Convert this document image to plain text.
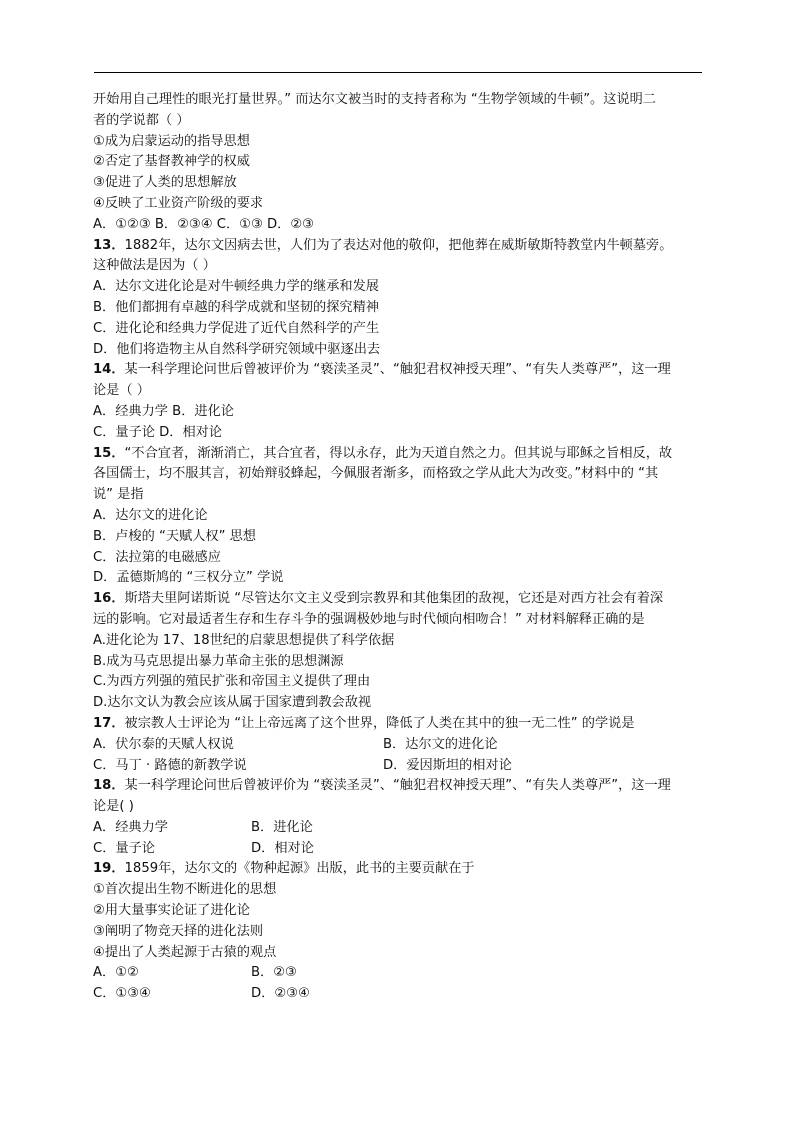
开始用自己理性的眼光打量世界。” 而达尔文被当时的支持者称为 “生物学领域的牛顿”。这说明二
者的学说都（ ）
①成为启蒙运动的指导思想
②否定了基督教神学的权威
③促进了人类的思想解放
④反映了工业资产阶级的要求
A．①②③ B．②③④ C．①③ D．②③
13．1882年，达尔文因病去世，人们为了表达对他的敬仰，把他葬在威斯敏斯特教堂内牛顿墓旁。
这种做法是因为（ ）
A．达尔文进化论是对牛顿经典力学的继承和发展
B．他们都拥有卓越的科学成就和坚韧的探究精神
C．进化论和经典力学促进了近代自然科学的产生
D．他们将造物主从自然科学研究领域中驱逐出去
14．某一科学理论问世后曾被评价为 “亵渎圣灵”、“触犯君权神授天理”、“有失人类尊严”，这一理
论是（ ）
A．经典力学 B．进化论
C．量子论 D．相对论
15．“不合宜者，渐渐消亡，其合宜者，得以永存，此为天道自然之力。但其说与耶稣之旨相反，故
各国儒士，均不服其言，初始辩驳蜂起，今佩服者渐多，而格致之学从此大为改变。”材料中的 “其
说” 是指
A．达尔文的进化论
B．卢梭的 “天赋人权” 思想
C．法拉第的电磁感应
D．孟德斯鸠的 “三权分立” 学说
16．斯塔夫里阿诺斯说 “尽管达尔文主义受到宗教界和其他集团的敌视，它还是对西方社会有着深
远的影响。它对最适者生存和生存斗争的强调极妙地与时代倾向相吻合！” 对材料解释正确的是
A.进化论为 17、18世纪的启蒙思想提供了科学依据
B.成为马克思提出暴力革命主张的思想渊源
C.为西方列强的殖民扩张和帝国主义提供了理由
D.达尔文认为教会应该从属于国家遭到教会敌视
17．被宗教人士评论为 “让上帝远离了这个世界，降低了人类在其中的独一无二性” 的学说是
A．伏尔泰的天赋人权说	B．达尔文的进化论
C．马丁 · 路德的新教学说	D．爱因斯坦的相对论
18．某一科学理论问世后曾被评价为 “亵渎圣灵”、“触犯君权神授天理”、“有失人类尊严”，这一理
论是( )
A．经典力学	B．进化论
C．量子论	D．相对论
19．1859年，达尔文的《物种起源》出版，此书的主要贡献在于
①首次提出生物不断进化的思想
②用大量事实论证了进化论
③阐明了物竞天择的进化法则
④提出了人类起源于古猿的观点
A．①②	B．②③
C．①③④	D．②③④
